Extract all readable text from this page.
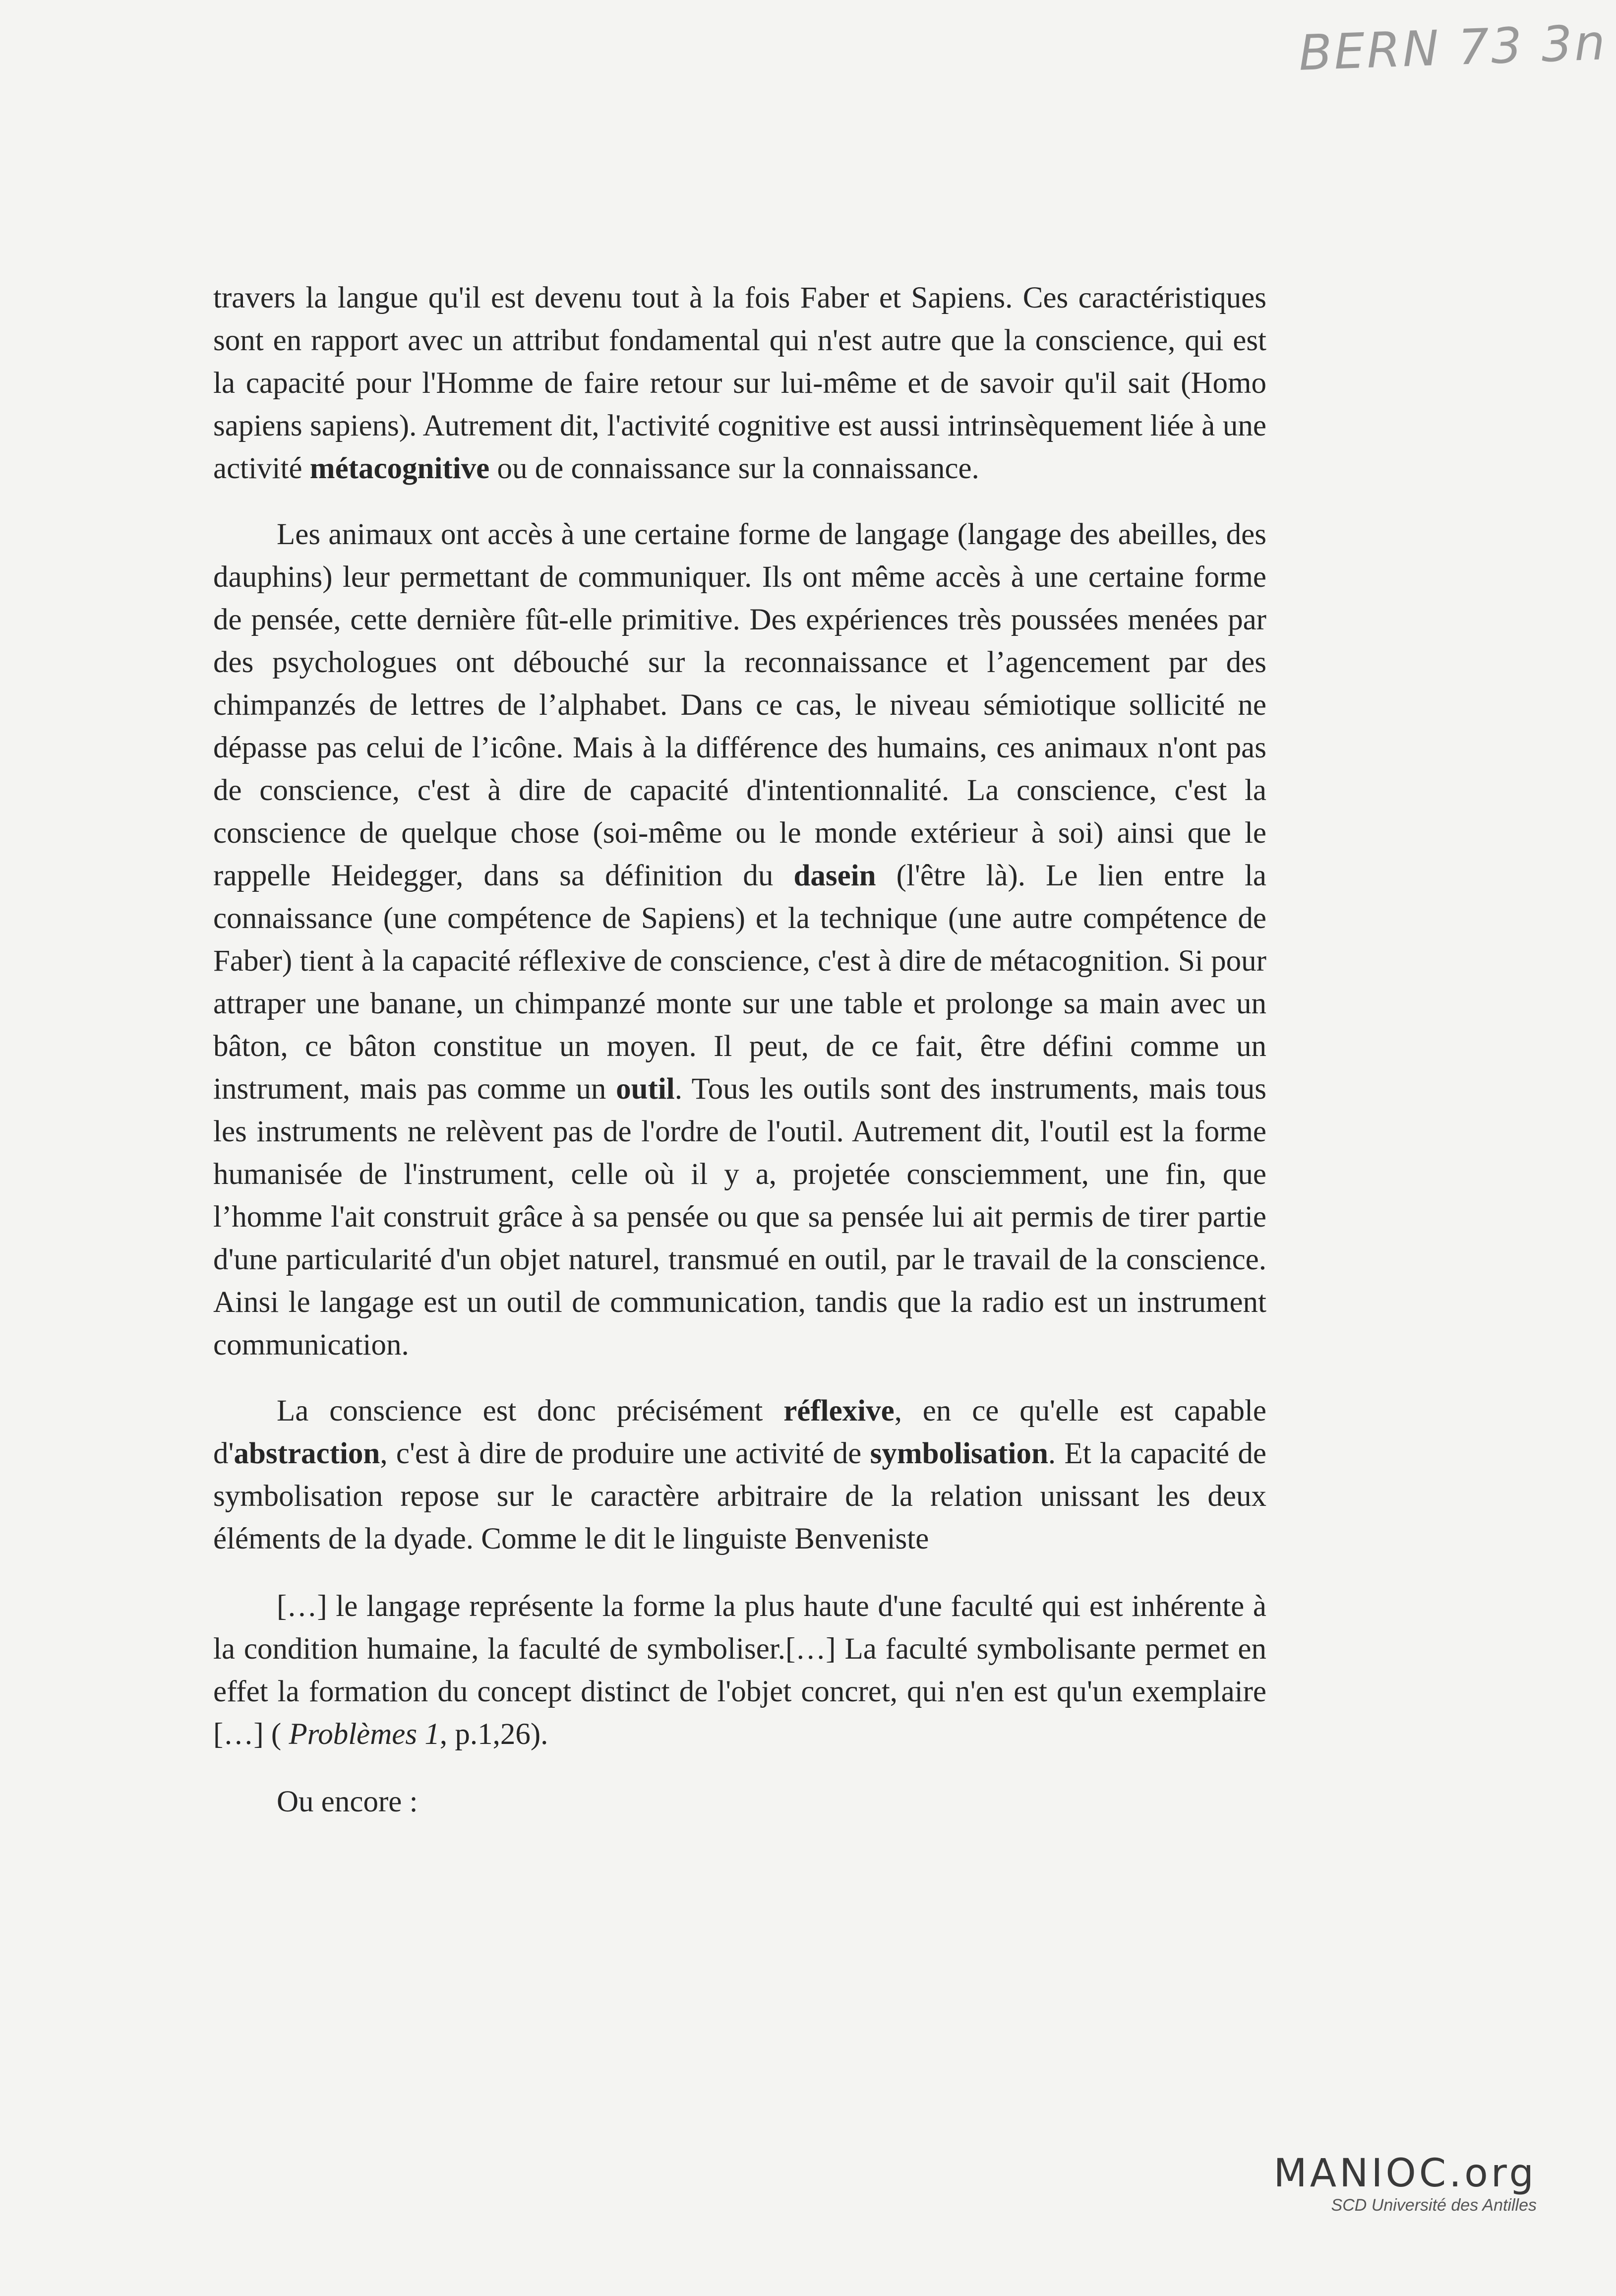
BERN 73 3n

travers la langue qu'il est devenu tout à la fois Faber et Sapiens. Ces caractéristiques sont en rapport avec un attribut fondamental qui n'est autre que la conscience, qui est la capacité pour l'Homme de faire retour sur lui-même et de savoir qu'il sait (Homo sapiens sapiens). Autrement dit, l'activité cognitive est aussi intrinsèquement liée à une activité métacognitive ou de connaissance sur la connaissance.

Les animaux ont accès à une certaine forme de langage (langage des abeilles, des dauphins) leur permettant de communiquer. Ils ont même accès à une certaine forme de pensée, cette dernière fût-elle primitive. Des expériences très poussées menées par des psychologues ont débouché sur la reconnaissance et l’agencement par des chimpanzés de lettres de l’alphabet. Dans ce cas, le niveau sémiotique sollicité ne dépasse pas celui de l’icône. Mais à la différence des humains, ces animaux n'ont pas de conscience, c'est à dire de capacité d'intentionnalité. La conscience, c'est la conscience de quelque chose (soi-même ou le monde extérieur à soi) ainsi que le rappelle Heidegger, dans sa définition du dasein (l'être là). Le lien entre la connaissance (une compétence de Sapiens) et la technique (une autre compétence de Faber) tient à la capacité réflexive de conscience, c'est à dire de métacognition. Si pour attraper une banane, un chimpanzé monte sur une table et prolonge sa main avec un bâton, ce bâton constitue un moyen. Il peut, de ce fait, être défini comme un instrument, mais pas comme un outil. Tous les outils sont des instruments, mais tous les instruments ne relèvent pas de l'ordre de l'outil. Autrement dit, l'outil est la forme humanisée de l'instrument, celle où il y a, projetée consciemment, une fin, que l’homme l'ait construit grâce à sa pensée ou que sa pensée lui ait permis de tirer partie d'une particularité d'un objet naturel, transmué en outil, par le travail de la conscience. Ainsi le langage est un outil de communication, tandis que la radio est un instrument communication.

La conscience est donc précisément réflexive, en ce qu'elle est capable d'abstraction, c'est à dire de produire une activité de symbolisation. Et la capacité de symbolisation repose sur le caractère arbitraire de la relation unissant les deux éléments de la dyade. Comme le dit le linguiste Benveniste

[…] le langage représente la forme la plus haute d'une faculté qui est inhérente à la condition humaine, la faculté de symboliser.[…] La faculté symbolisante permet en effet la formation du concept distinct de l'objet concret, qui n'en est qu'un exemplaire […] ( Problèmes 1, p.1,26).

Ou encore :

MANIOC.org
SCD Université des Antilles
